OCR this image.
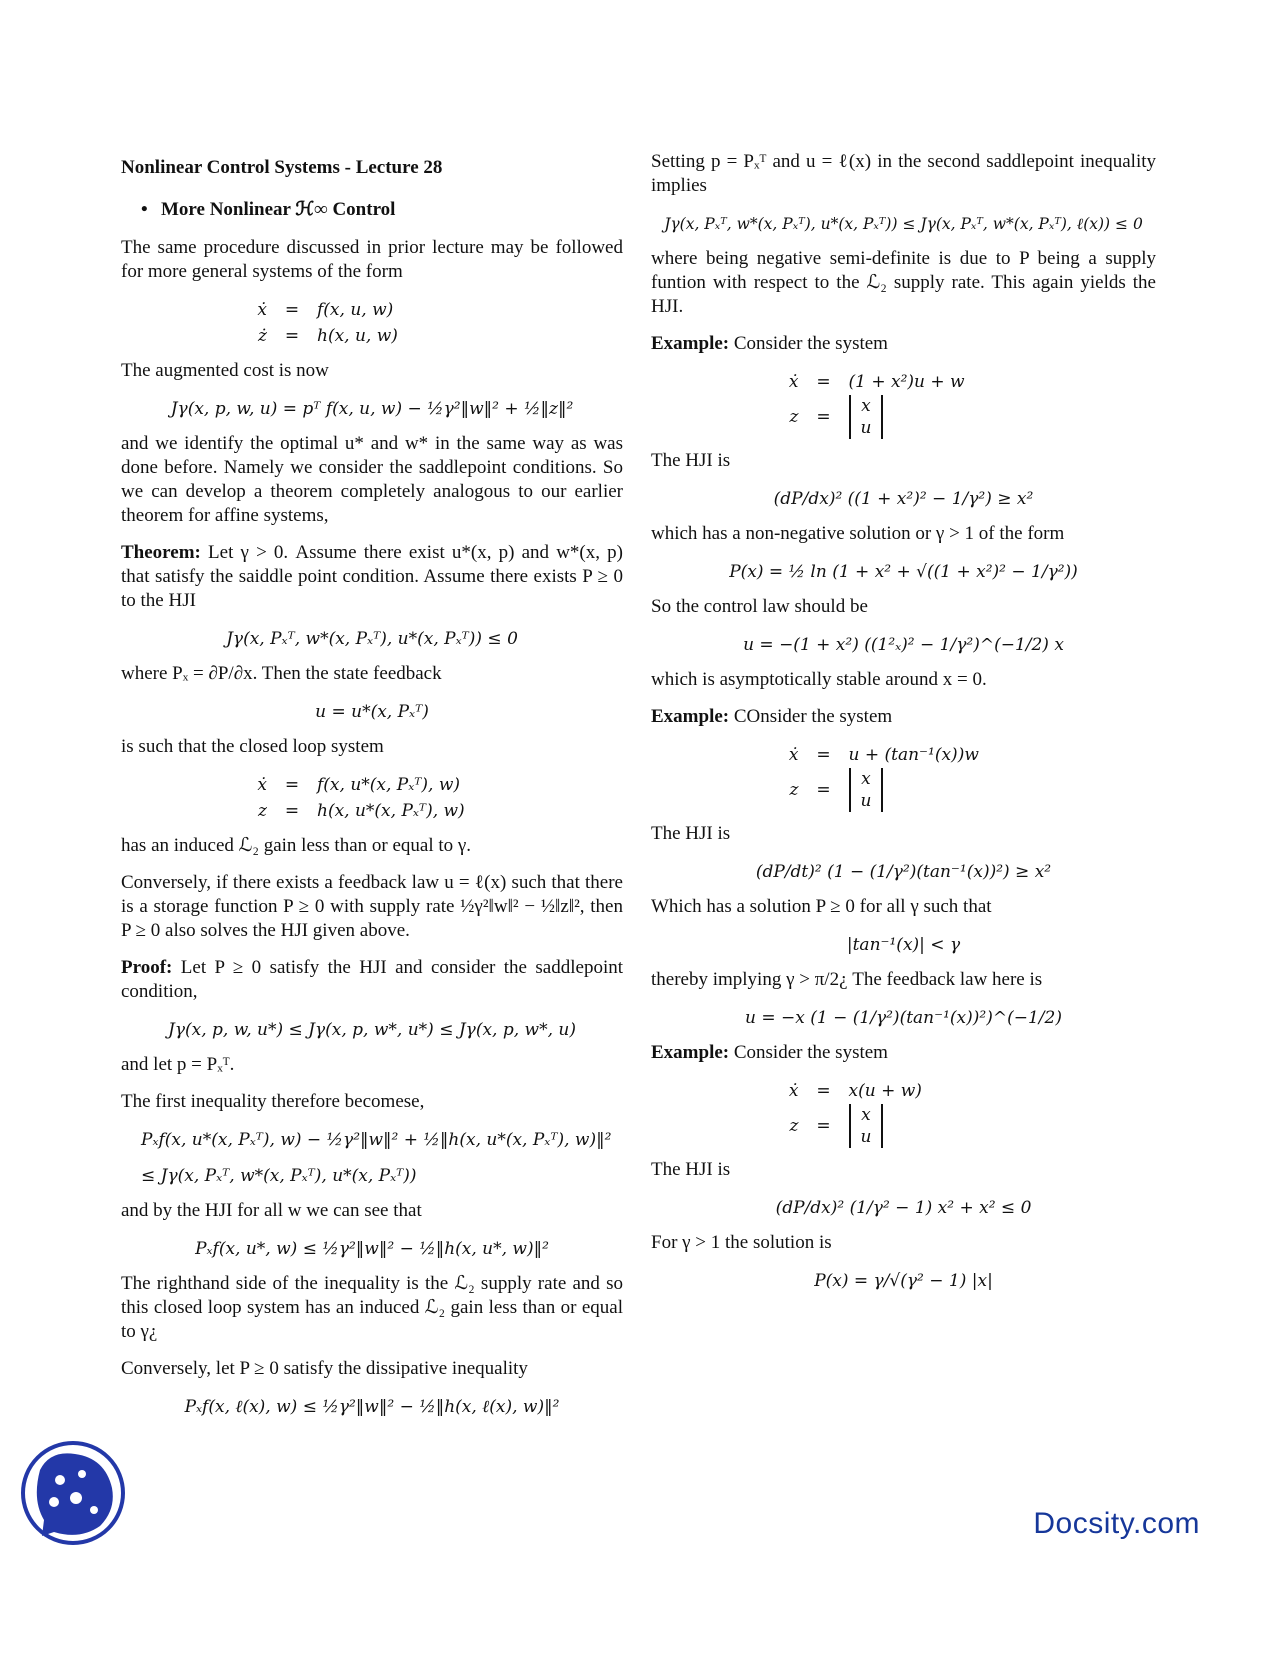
Nonlinear Control Systems - Lecture 28
• More Nonlinear ℋ∞ Control

The same procedure discussed in prior lecture may be followed for more general systems of the form

ẋ	=	f(x, u, w)
ż	=	h(x, u, w)

The augmented cost is now

Jγ(x, p, w, u) = pᵀ f(x, u, w) − ½γ²‖w‖² + ½‖z‖²

and we identify the optimal u* and w* in the same way as was done before. Namely we consider the saddlepoint conditions. So we can develop a theorem completely analogous to our earlier theorem for affine systems,

Theorem: Let γ > 0. Assume there exist u*(x, p) and w*(x, p) that satisfy the saiddle point condition. Assume there exists P ≥ 0 to the HJI

Jγ(x, Pₓᵀ, w*(x, Pₓᵀ), u*(x, Pₓᵀ)) ≤ 0

where Pₓ = ∂P/∂x. Then the state feedback

u = u*(x, Pₓᵀ)

is such that the closed loop system

ẋ	=	f(x, u*(x, Pₓᵀ), w)
z	=	h(x, u*(x, Pₓᵀ), w)

has an induced ℒ₂ gain less than or equal to γ.

Conversely, if there exists a feedback law u = ℓ(x) such that there is a storage function P ≥ 0 with supply rate ½γ²‖w‖² − ½‖z‖², then P ≥ 0 also solves the HJI given above.

Proof: Let P ≥ 0 satisfy the HJI and consider the saddlepoint condition,

Jγ(x, p, w, u*) ≤ Jγ(x, p, w*, u*) ≤ Jγ(x, p, w*, u)

and let p = Pₓᵀ.

The first inequality therefore becomese,

Pₓf(x, u*(x, Pₓᵀ), w) − ½γ²‖w‖² + ½‖h(x, u*(x, Pₓᵀ), w)‖²
≤ Jγ(x, Pₓᵀ, w*(x, Pₓᵀ), u*(x, Pₓᵀ))

and by the HJI for all w we can see that

Pₓf(x, u*, w) ≤ ½γ²‖w‖² − ½‖h(x, u*, w)‖²

The righthand side of the inequality is the ℒ₂ supply rate and so this closed loop system has an induced ℒ₂ gain less than or equal to γ¿

Conversely, let P ≥ 0 satisfy the dissipative inequality

Pₓf(x, ℓ(x), w) ≤ ½γ²‖w‖² − ½‖h(x, ℓ(x), w)‖²

Setting p = Pₓᵀ and u = ℓ(x) in the second saddlepoint inequality implies

Jγ(x, Pₓᵀ, w*(x, Pₓᵀ), u*(x, Pₓᵀ)) ≤ Jγ(x, Pₓᵀ, w*(x, Pₓᵀ), ℓ(x)) ≤ 0

where being negative semi-definite is due to P being a supply funtion with respect to the ℒ₂ supply rate. This again yields the HJI.

Example: Consider the system

ẋ	=	(1 + x²)u + w
z	=
x
u

The HJI is

(dP/dx)² ((1 + x²)² − 1/γ²) ≥ x²

which has a non-negative solution or γ > 1 of the form

P(x) = ½ ln (1 + x² + √((1 + x²)² − 1/γ²))

So the control law should be

u = −(1 + x²) ((1²ₓ)² − 1/γ²)^(−1/2) x

which is asymptotically stable around x = 0.

Example: COnsider the system

ẋ	=	u + (tan⁻¹(x))w
z	=
x
u

The HJI is

(dP/dt)² (1 − (1/γ²)(tan⁻¹(x))²) ≥ x²

Which has a solution P ≥ 0 for all γ such that

|tan⁻¹(x)| < γ

thereby implying γ > π/2¿ The feedback law here is

u = −x (1 − (1/γ²)(tan⁻¹(x))²)^(−1/2)

Example: Consider the system

ẋ	=	x(u + w)
z	=
x
u

The HJI is

(dP/dx)² (1/γ² − 1) x² + x² ≤ 0

For γ > 1 the solution is

P(x) = γ/√(γ² − 1) |x|
Docsity.com
